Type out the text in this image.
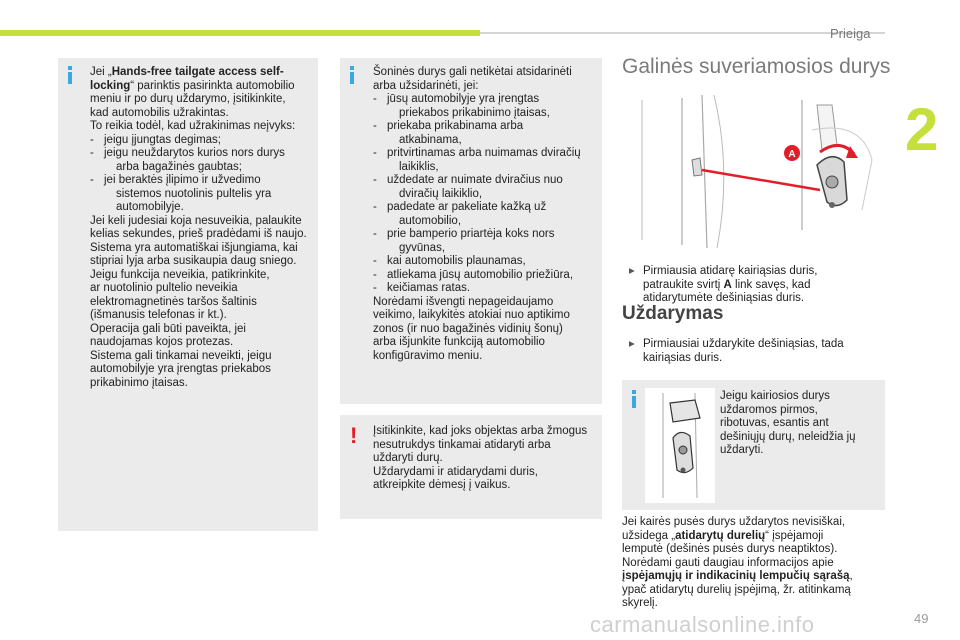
Prieiga
2
Jei „Hands-free tailgate access self-
locking“ parinktis pasirinkta automobilio
meniu ir po durų uždarymo, įsitikinkite,
kad automobilis užrakintas.
To reikia todėl, kad užrakinimas neįvyks:
- jeigu įjungtas degimas;
- jeigu neuždarytos kurios nors durys
arba bagažinės gaubtas;
- jei beraktės įlipimo ir užvedimo
sistemos nuotolinis pultelis yra
automobilyje.
Jei keli judesiai koja nesuveikia, palaukite
kelias sekundes, prieš pradėdami iš naujo.
Sistema yra automatiškai išjungiama, kai
stipriai lyja arba susikaupia daug sniego.
Jeigu funkcija neveikia, patikrinkite,
ar nuotolinio pultelio neveikia
elektromagnetinės taršos šaltinis
(išmanusis telefonas ir kt.).
Operacija gali būti paveikta, jei
naudojamas kojos protezas.
Sistema gali tinkamai neveikti, jeigu
automobilyje yra įrengtas priekabos
prikabinimo įtaisas.
Šoninės durys gali netikėtai atsidarinėti
arba užsidarinėti, jei:
- jūsų automobilyje yra įrengtas
priekabos prikabinimo įtaisas,
- priekaba prikabinama arba
atkabinama,
- pritvirtinamas arba nuimamas dviračių
laikiklis,
- uždedate ar nuimate dviračius nuo
dviračių laikiklio,
- padedate ar pakeliate kažką už
automobilio,
- prie bamperio priartėja koks nors
gyvūnas,
- kai automobilis plaunamas,
- atliekama jūsų automobilio priežiūra,
- keičiamas ratas.
Norėdami išvengti nepageidaujamo
veikimo, laikykitės atokiai nuo aptikimo
zonos (ir nuo bagažinės vidinių šonų)
arba išjunkite funkciją automobilio
konfigūravimo meniu.
! Įsitikinkite, kad joks objektas arba žmogus
nesutrukdys tinkamai atidaryti arba
uždaryti durų.
Uždarydami ir atidarydami duris,
atkreipkite dėmesį į vaikus.
Galinės suveriamosios durys
A
▸ Pirmiausia atidarę kairiąsias duris,
patraukite svirtį A link savęs, kad
atidarytumėte dešiniąsias duris.
Uždarymas
▸ Pirmiausiai uždarykite dešiniąsias, tada
kairiąsias duris.
Jeigu kairiosios durys
uždaromos pirmos,
ribotuvas, esantis ant
dešiniųjų durų, neleidžia jų
uždaryti.
Jei kairės pusės durys uždarytos nevisiškai,
užsidega „atidarytų durelių“ įspėjamoji
lemputė (dešinės pusės durys neaptiktos).
Norėdami gauti daugiau informacijos apie
įspėjamųjų ir indikacinių lempučių sąrašą,
ypač atidarytų durelių įspėjimą, žr. atitinkamą
skyrelį.
carmanualsonline.info	49
